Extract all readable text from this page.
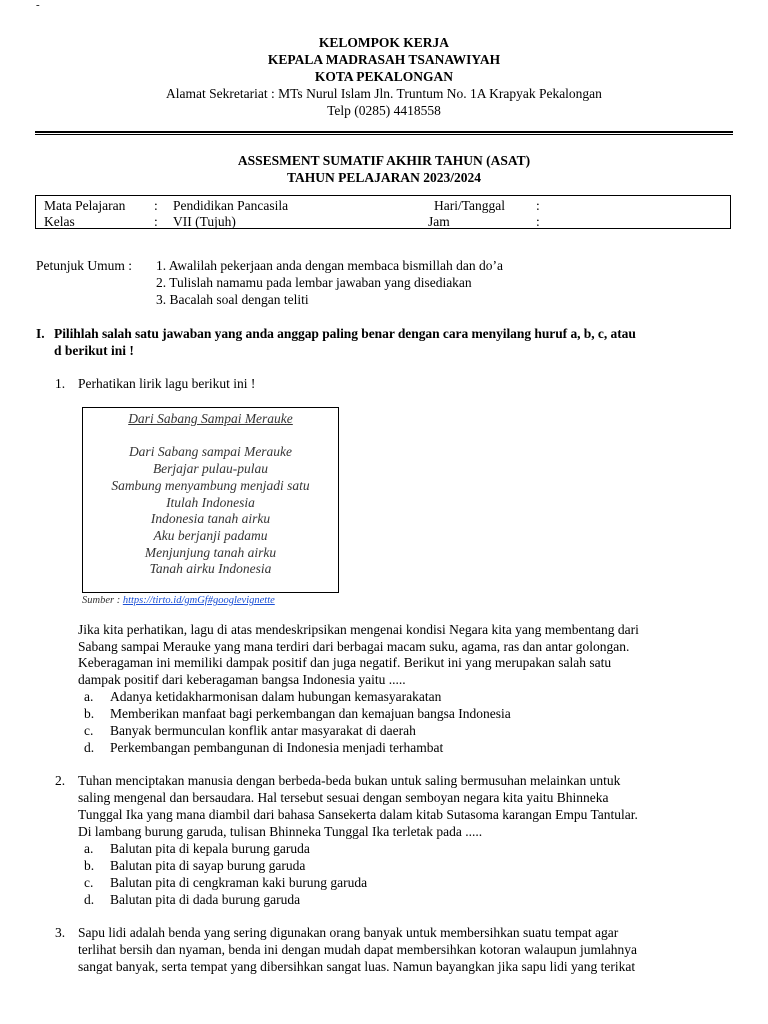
-
KELOMPOK KERJA
KEPALA MADRASAH TSANAWIYAH
KOTA PEKALONGAN
Alamat Sekretariat : MTs Nurul Islam Jln. Truntum No. 1A Krapyak Pekalongan
Telp (0285) 4418558
ASSESMENT SUMATIF AKHIR TAHUN (ASAT)
TAHUN PELAJARAN 2023/2024
Mata Pelajaran : Pendidikan Pancasila	Hari/Tanggal :
Kelas	: VII (Tujuh)	Jam	:
Petunjuk Umum : 1. Awalilah pekerjaan anda dengan membaca bismillah dan do’a
2. Tulislah namamu pada lembar jawaban yang disediakan
3. Bacalah soal dengan teliti
I. Pilihlah salah satu jawaban yang anda anggap paling benar dengan cara menyilang huruf a, b, c, atau
d berikut ini !
1. Perhatikan lirik lagu berikut ini !
Dari Sabang Sampai Merauke
Dari Sabang sampai Merauke
Berjajar pulau-pulau
Sambung menyambung menjadi satu
Itulah Indonesia
Indonesia tanah airku
Aku berjanji padamu
Menjunjung tanah airku
Tanah airku Indonesia
Sumber : https://tirto.id/gmGf#googlevignette
Jika kita perhatikan, lagu di atas mendeskripsikan mengenai kondisi Negara kita yang membentang dari
Sabang sampai Merauke yang mana terdiri dari berbagai macam suku, agama, ras dan antar golongan.
Keberagaman ini memiliki dampak positif dan juga negatif. Berikut ini yang merupakan salah satu
dampak positif dari keberagaman bangsa Indonesia yaitu .....
a.	Adanya ketidakharmonisan dalam hubungan kemasyarakatan
b.	Memberikan manfaat bagi perkembangan dan kemajuan bangsa Indonesia
c.	Banyak bermunculan konflik antar masyarakat di daerah
d.	Perkembangan pembangunan di Indonesia menjadi terhambat
2. Tuhan menciptakan manusia dengan berbeda-beda bukan untuk saling bermusuhan melainkan untuk
saling mengenal dan bersaudara. Hal tersebut sesuai dengan semboyan negara kita yaitu Bhinneka
Tunggal Ika yang mana diambil dari bahasa Sansekerta dalam kitab Sutasoma karangan Empu Tantular.
Di lambang burung garuda, tulisan Bhinneka Tunggal Ika terletak pada .....
a.	Balutan pita di kepala burung garuda
b.	Balutan pita di sayap burung garuda
c.	Balutan pita di cengkraman kaki burung garuda
d.	Balutan pita di dada burung garuda
3. Sapu lidi adalah benda yang sering digunakan orang banyak untuk membersihkan suatu tempat agar
terlihat bersih dan nyaman, benda ini dengan mudah dapat membersihkan kotoran walaupun jumlahnya
sangat banyak, serta tempat yang dibersihkan sangat luas. Namun bayangkan jika sapu lidi yang terikat
